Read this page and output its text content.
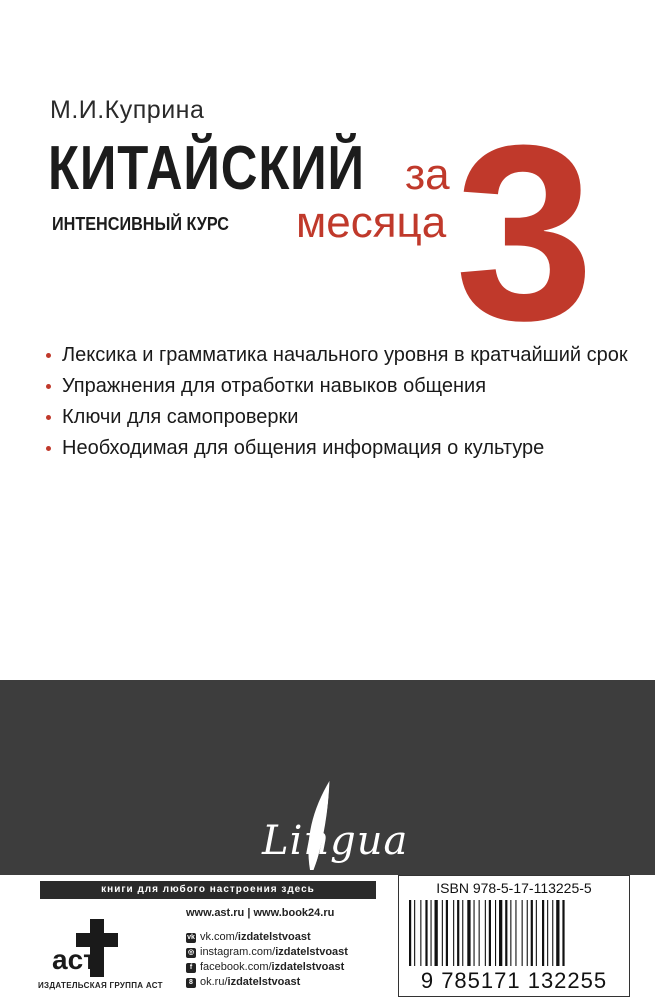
М.И.Куприна
КИТАЙСКИЙ
ИНТЕНСИВНЫЙ КУРС
за
месяца 3
Лексика и грамматика начального уровня в кратчайший срок
Упражнения для отработки навыков общения
Ключи для самопроверки
Необходимая для общения информация о культуре
Lingua
книги для любого настроения здесь
аст
ИЗДАТЕЛЬСКАЯ ГРУППА АСТ
www.ast.ru | www.book24.ru
vk vk.com/ izdatelstvoast
◎ instagram.com/ izdatelstvoast
f facebook.com/ izdatelstvoast
8 ok.ru/ izdatelstvoast
ISBN 978-5-17-113225-5
9 785171 132255
